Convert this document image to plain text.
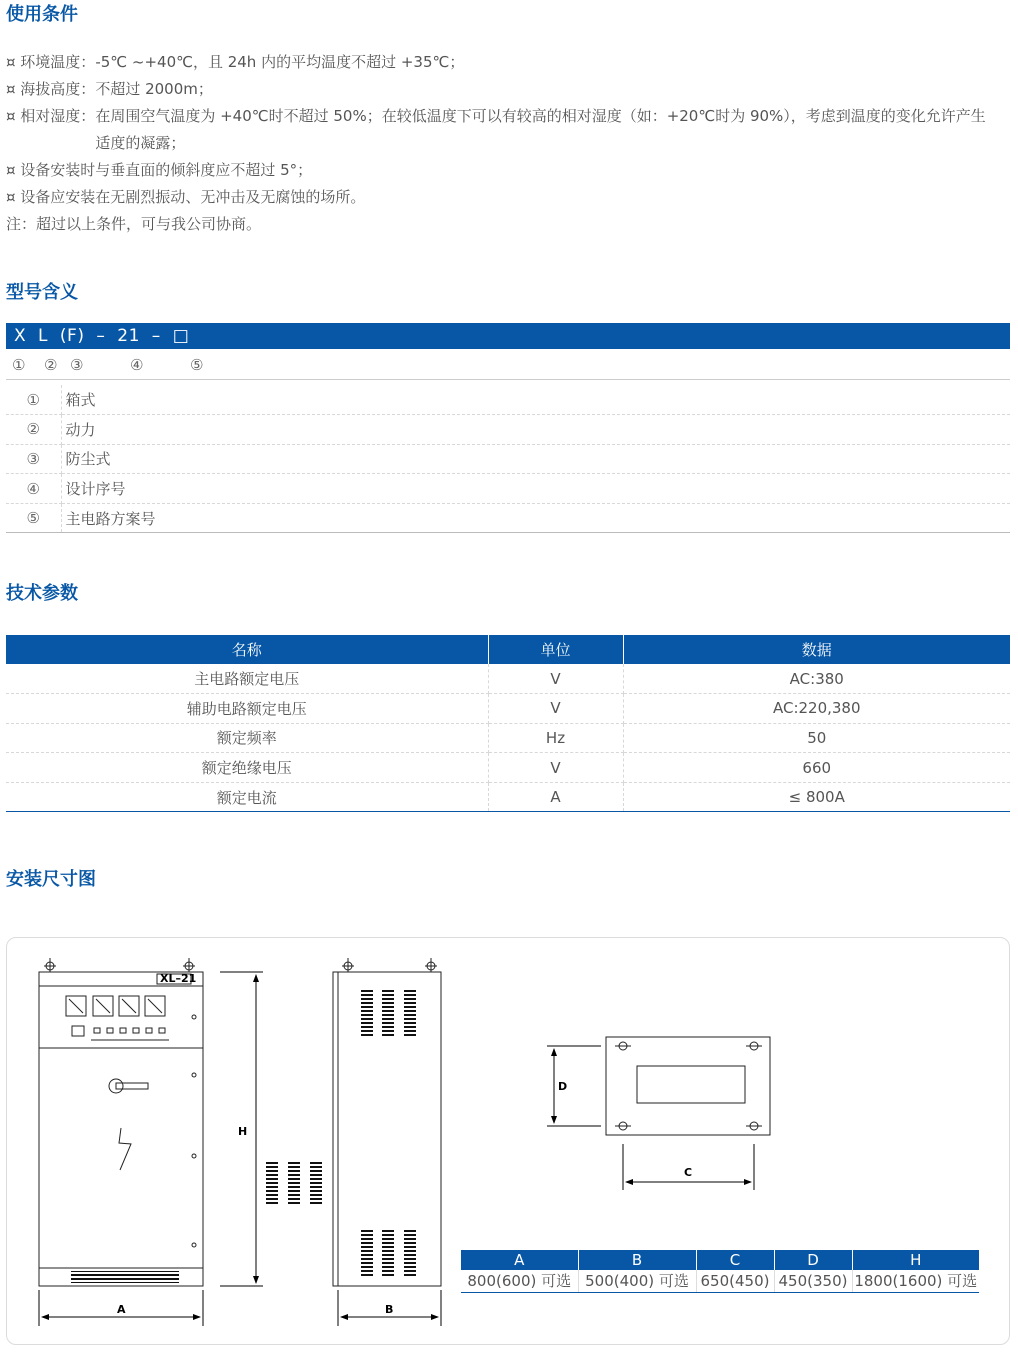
使用条件
¤ 环境温度： -5℃ ~+40℃，且 24h 内的平均温度不超过 +35℃；
¤ 海拔高度： 不超过 2000m；
¤ 相对湿度： 在周围空气温度为 +40℃时不超过 50%；在较低温度下可以有较高的相对湿度（如：+20℃时为 90%），考虑到温度的变化允许产生适度的凝露；
¤ 设备安装时与垂直面的倾斜度应不超过 5°；
¤ 设备应安装在无剧烈振动、无冲击及无腐蚀的场所。
注：超过以上条件，可与我公司协商。
型号含义
X L (F) – 21 – □
① ② ③	④	⑤
①	箱式
②	动力
③	防尘式
④	设计序号
⑤	主电路方案号
技术参数
名称	单位	数据
主电路额定电压	V	AC:380
辅助电路额定电压	V	AC:220,380
额定频率	Hz	50
额定绝缘电压	V	660
额定电流	A	≤ 800A
安装尺寸图
XL–21
A
H
B
D
C
A	B	C	D	H
800(600) 可选	500(400) 可选	650(450)	450(350)	1800(1600) 可选
